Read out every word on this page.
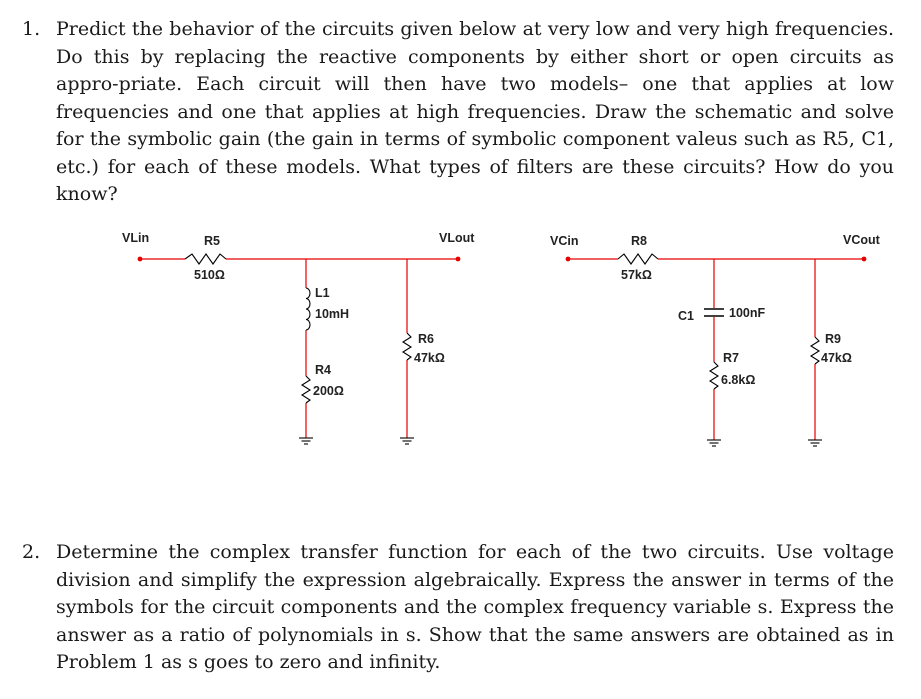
1. Predict the behavior of the circuits given below at very low and very high frequencies. Do this by replacing the reactive components by either short or open circuits as appro-priate. Each circuit will then have two models– one that applies at low frequencies and one that applies at high frequencies. Draw the schematic and solve for the symbolic gain (the gain in terms of symbolic component valeus such as R5, C1, etc.) for each of these models. What types of filters are these circuits? How do you know?
VLin	VLout
R5
510Ω
L1
10mH
R4
200Ω
R6
47kΩ
VCin	VCout
R8
57kΩ
C1	100nF
R7
6.8kΩ
R9
47kΩ
2. Determine the complex transfer function for each of the two circuits. Use voltage division and simplify the expression algebraically. Express the answer in terms of the symbols for the circuit components and the complex frequency variable s. Express the answer as a ratio of polynomials in s. Show that the same answers are obtained as in Problem 1 as s goes to zero and infinity.
